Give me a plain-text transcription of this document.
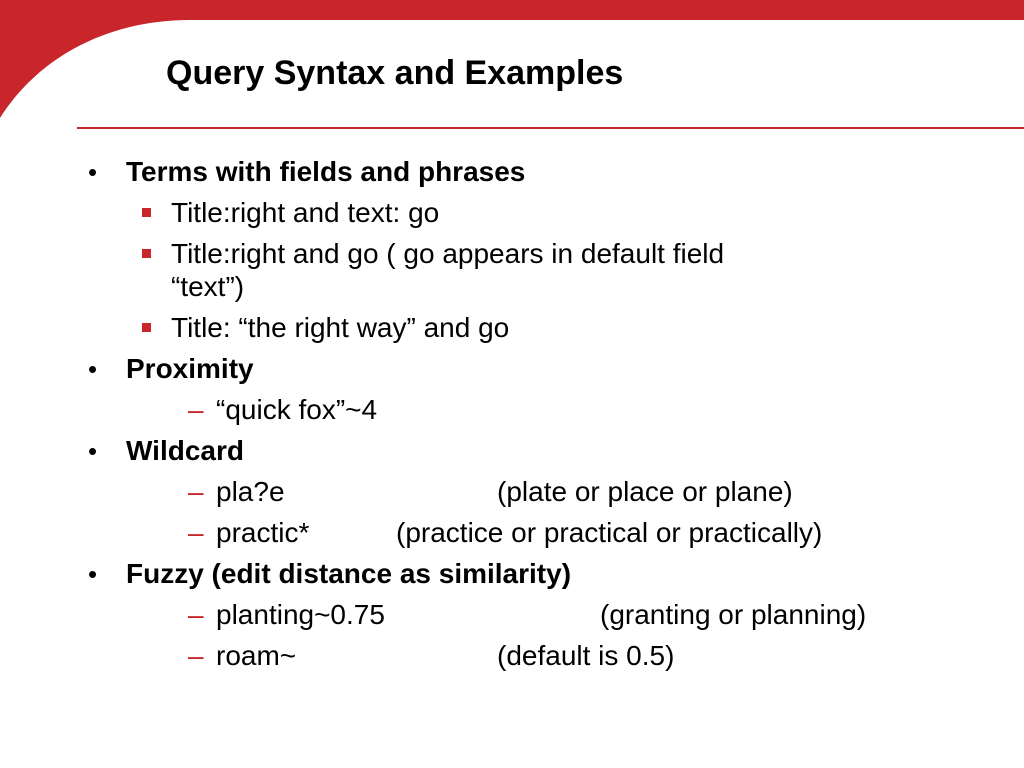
Query Syntax and Examples
• Terms with fields and phrases
Title:right and text: go
Title:right and go ( go appears in default field
“text”)
Title: “the right way” and go
• Proximity
– “quick fox”~4
• Wildcard
– pla?e	(plate or place or plane)
– practic*	(practice or practical or practically)
• Fuzzy (edit distance as similarity)
– planting~0.75	(granting or planning)
– roam~	(default is 0.5)
